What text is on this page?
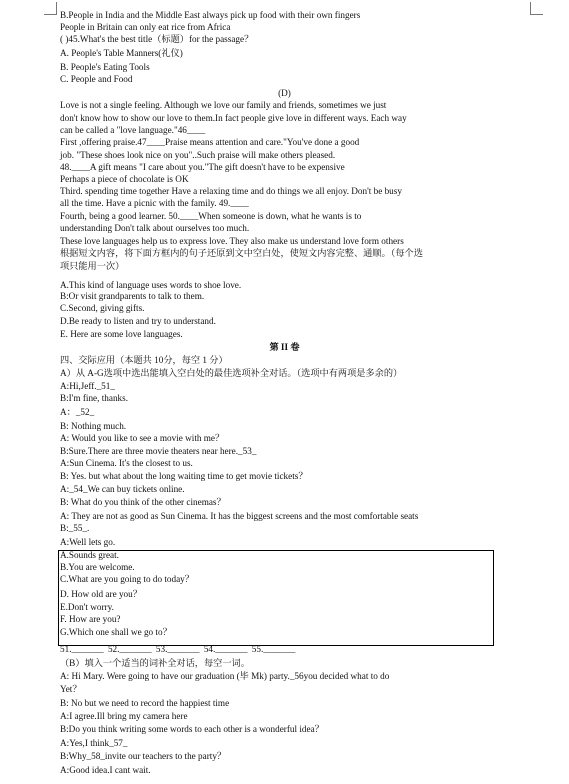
B.People in India and the Middle East always pick up food with their own fingers
People in Britain can only eat rice from Africa
( )45.What's the best title（标题）for the passage？
A. People's Table Manners(礼仪)
B. People's Eating Tools
C. People and Food
(D)
Love is not a single feeling. Although we love our family and friends, sometimes we just
don't know how to show our love to them.In fact people give love in different ways. Each way
can be called a "love language."46____
First ,offering praise.47____Praise means attention and care."You've done a good
job. "These shoes look nice on you"..Such praise will make others pleased.
48.____A gift means "I care about you."The gift doesn't have to be expensive
Perhaps a piece of chocolate is OK
Third. spending time together Have a relaxing time and do things we all enjoy. Don't be busy
all the time. Have a picnic with the family. 49.____
Fourth, being a good learner. 50.____When someone is down, what he wants is to
understanding Don't talk about ourselves too much.
These love languages help us to express love. They also make us understand love form others
根据短文内容，将下面方框内的句子还原到文中空白处，使短文内容完整、通顺。（每个选
项只能用一次）
A.This kind of language uses words to shoe love.
B:Or visit grandparents to talk to them.
C.Second, giving gifts.
D.Be ready to listen and try to understand.
E. Here are some love languages.
第 II 卷
四、交际应用（本题共 10分，每空 1 分）
A）从 A-G选项中选出能填入空白处的最佳选项补全对话。（选项中有两项是多余的）
A:Hi,Jeff._51_
B:I'm fine, thanks.
A：_52_
B: Nothing much.
A: Would you like to see a movie with me？
B:Sure.There are three movie theaters near here._53_
A:Sun Cinema. It's the closest to us.
B: Yes. but what about the long waiting time to get movie tickets？
A:_54_We can buy tickets online.
B: What do you think of the other cinemas？
A: They are not as good as Sun Cinema. It has the biggest screens and the most comfortable seats
B:_55_.
A:Well lets go.
A.Sounds great.
B.You are welcome.
C.What are you going to do today？
D. How old are you？
E.Don't worry.
F. How are you?
G.Which one shall we go to？
51._______ 52._______ 53._______ 54._______ 55._______
（B）填入一个适当的词补全对话，每空一词。
A: Hi Mary. Were going to have our graduation (毕 Mk) party._56you decided what to do
Yet？
B: No but we need to record the happiest time
A:I agree.Ill bring my camera here
B:Do you think writing some words to each other is a wonderful idea？
A:Yes,I think_57_
B:Why_58_invite our teachers to the party？
A:Good idea.I cant wait.
